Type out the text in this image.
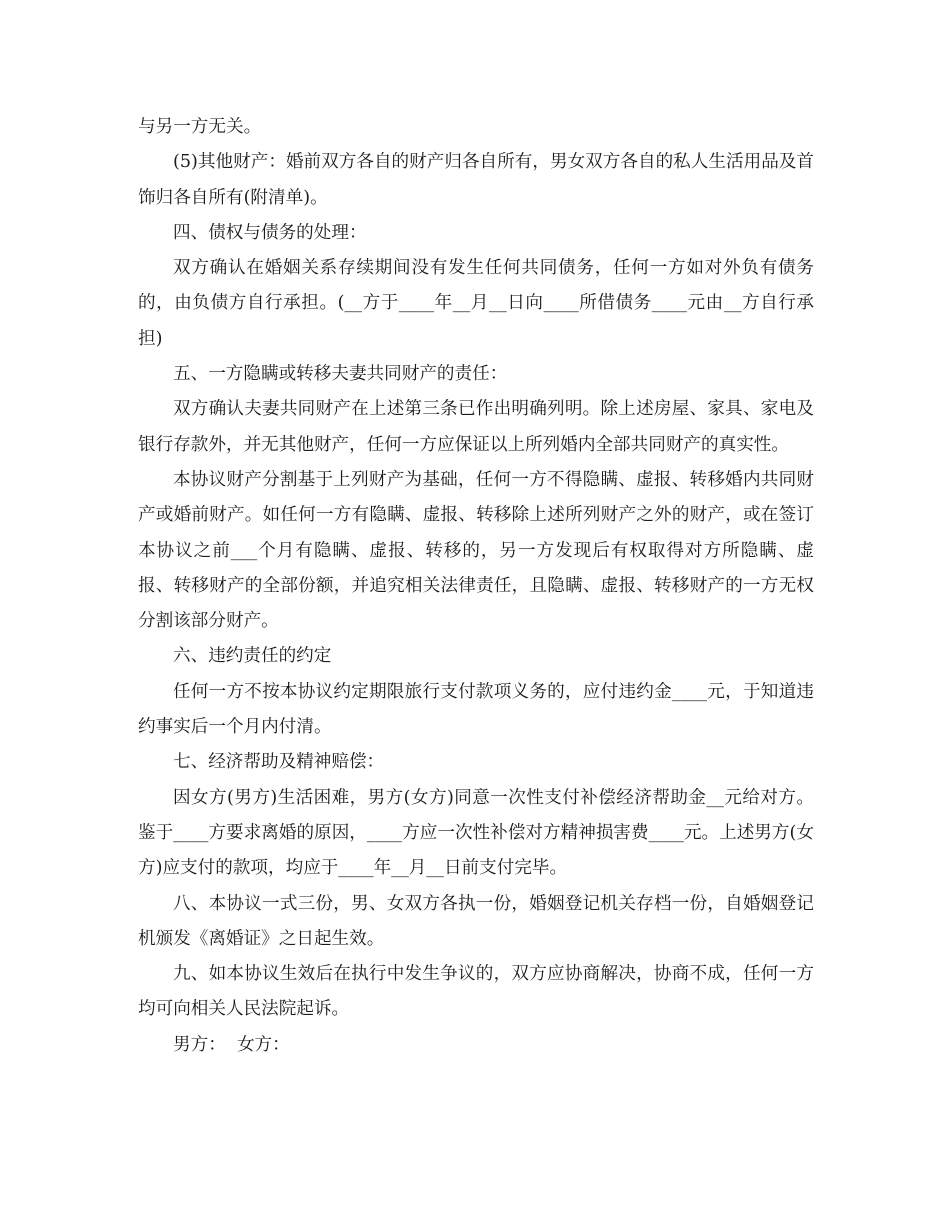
与另一方无关。

(5)其他财产：婚前双方各自的财产归各自所有，男女双方各自的私人生活用品及首饰归各自所有(附清单)。

四、债权与债务的处理：

双方确认在婚姻关系存续期间没有发生任何共同债务，任何一方如对外负有债务的，由负债方自行承担。(__方于____年__月__日向____所借债务____元由__方自行承担)

五、一方隐瞒或转移夫妻共同财产的责任：

双方确认夫妻共同财产在上述第三条已作出明确列明。除上述房屋、家具、家电及银行存款外，并无其他财产，任何一方应保证以上所列婚内全部共同财产的真实性。

本协议财产分割基于上列财产为基础，任何一方不得隐瞒、虚报、转移婚内共同财产或婚前财产。如任何一方有隐瞒、虚报、转移除上述所列财产之外的财产，或在签订本协议之前___个月有隐瞒、虚报、转移的，另一方发现后有权取得对方所隐瞒、虚报、转移财产的全部份额，并追究相关法律责任，且隐瞒、虚报、转移财产的一方无权分割该部分财产。

六、违约责任的约定

任何一方不按本协议约定期限旅行支付款项义务的，应付违约金____元，于知道违约事实后一个月内付清。

七、经济帮助及精神赔偿：

因女方(男方)生活困难，男方(女方)同意一次性支付补偿经济帮助金__元给对方。鉴于____方要求离婚的原因，____方应一次性补偿对方精神损害费____元。上述男方(女方)应支付的款项，均应于____年__月__日前支付完毕。

八、本协议一式三份，男、女双方各执一份，婚姻登记机关存档一份，自婚姻登记机颁发《离婚证》之日起生效。

九、如本协议生效后在执行中发生争议的，双方应协商解决，协商不成，任何一方均可向相关人民法院起诉。

男方：  女方：
